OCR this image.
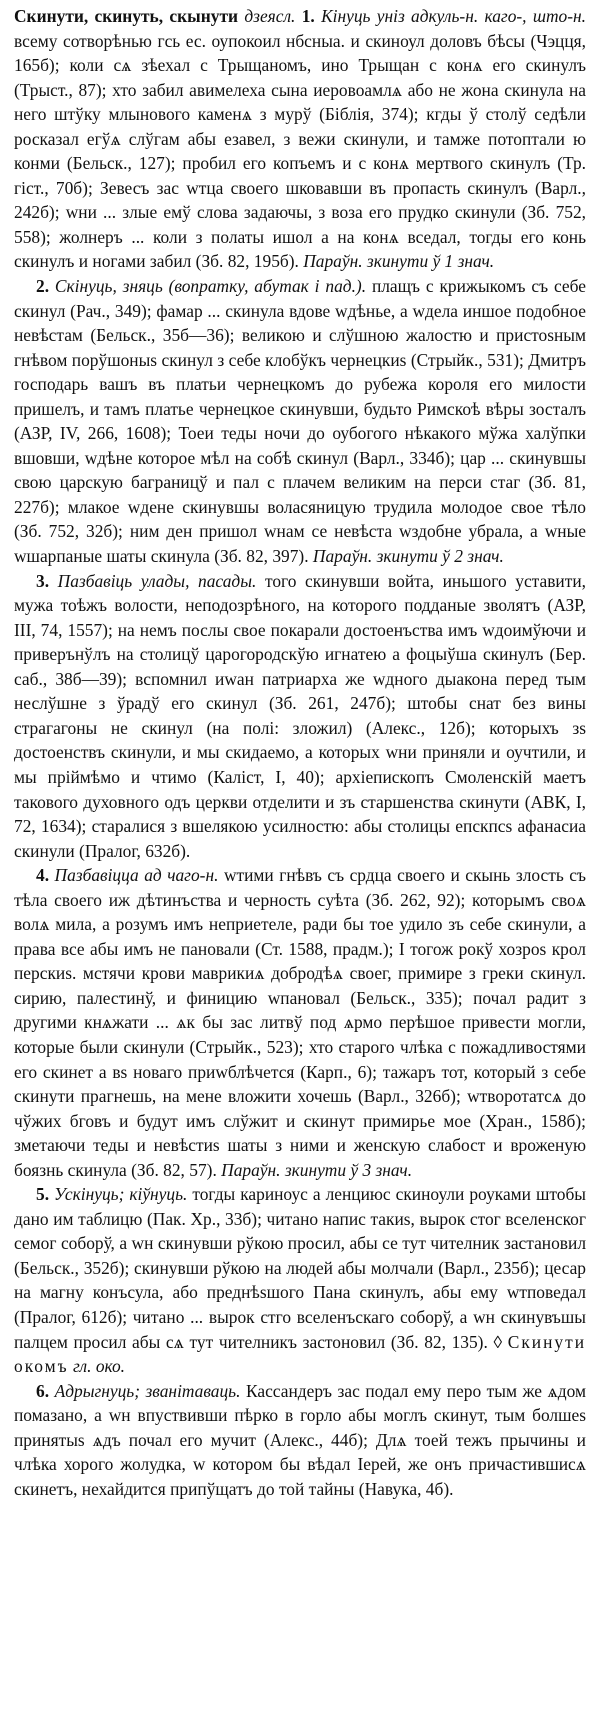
Скинути, скинуть, скынути дзеясл. 1. Кінуць уніз адкуль-н. каго-, што-н. всему сотворѣнью гсь ес. оупокоил нбсныа. и скиноул доловъ бѣсы (Чэцця, 165б); коли сѧ зѣехал с Трыщаномъ, ино Трыщан с конѧ его скинулъ (Трыст., 87); хто забил авимелеха сына иеровоамлѧ або не жона скинула на него штўку млынового каменѧ з мурў (Біблія, 374); кгды ў столў седѣли росказал егўѧ слўгам абы езавел, з вежи скинули, и тамже потоптали ю конми (Бельск., 127); пробил его копъемъ и с конѧ мертвого скинулъ (Тр. гіст., 70б); Зевесъ зас wтца своего шковавши въ пропасть скинулъ (Варл., 242б); wни ... злые емў слова задаючы, з воза его прудко скинули (Зб. 752, 558); жолнеръ ... коли з полаты ишол а на конѧ вседал, тогды его конь скинулъ и ногами забил (Зб. 82, 195б). Параўн. зкинути ў 1 знач.

2. Скінуць, зняць (вопратку, абутак і пад.). плащъ с крижыкомъ съ себе скинул (Рач., 349); фамар ... скинула вдове wдѣнье, а wдела иншое подобное невѣстам (Бельск., 35б—36); великою и слўшною жалостю и пристоsным гнѣвом порўшоныs скинул з себе клобўкъ чернецкиs (Стрыйк., 531); Дмитръ господарь вашъ въ платьи чернецкомъ до рубежа короля его милости пришелъ, и тамъ платье чернецкое скинувши, будьто Римскоѣ вѣры зосталъ (АЗР, IV, 266, 1608); Тоеи теды ночи до оубогого нѣкакого мўжа халўпки вшовши, wдѣне которое мѣл на собѣ скинул (Варл., 334б); цар ... скинувшы свою царскую баграницў и пал с плачем великим на перси стаг (Зб. 81, 227б); млакое wдене скинувшы воласяницую трудила молодое свое тѣло (Зб. 752, 32б); ним ден пришол wнам се невѣста wздобне убрала, а wные wшарпаные шаты скинула (Зб. 82, 397). Параўн. зкинути ў 2 знач.

3. Пазбавіць улады, пасады. того скинувши войта, иньшого уставити, мужа тоѣжъ волости, неподозрѣного, на которого подданые зволятъ (АЗР, III, 74, 1557); на немъ послы свое покарали достоенъства имъ wдоимўючи и приверънўлъ на столицў царогородскўю игнатею а фоцыўша скинулъ (Бер. саб., 38б—39); вспомнил иwан патриарха же wдного дыакона перед тым неслўшне з ўрадў его скинул (Зб. 261, 247б); штобы снат без вины страгагоны не скинул (на полі: зложил) (Алекс., 12б); которыхъ зs достоенствъ скинули, и мы скидаемо, а которых wни приняли и оучтили, и мы прiймѣмо и чтимо (Каліст, I, 40); архiепископъ Смоленскiй маетъ такового духовного одъ церкви отделити и зъ старшенства скинути (АВК, I, 72, 1634); старалися з вшелякою усилностю: абы столицы епскпсs афанасиа скинули (Пралог, 632б).

4. Пазбавіцца ад чаго-н. wтими гнѣвъ съ срдца своего и скынь злость съ тѣла своего иж дѣтинъства и черность сyѣта (Зб. 262, 92); которымъ своѧ волѧ мила, а розумъ имъ неприетеле, ради бы тое удило зъ себе скинули, а права все абы имъ не пановали (Ст. 1588, прадм.); I тогож рокў хозроs крол перскиs. мстячи крови маврикиѧ добродѣѧ своег, примире з греки скинул. сирию, палестинў, и финицию wпановал (Бельск., 335); почал радит з другими кнѧжати ... ѧк бы зас литвў под ѧрмо перѣшое привести могли, которые были скинули (Стрыйк., 523); хто старого члѣка с пожадливостями его скинет а вs новаго приwблѣчется (Карп., 6); тажаръ тот, который з себе скинути прагнешь, на мене вложити хочешь (Варл., 326б); wтворотатсѧ до чўжих бговъ и будут имъ слўжит и скинут примирье мое (Хран., 158б); зметаючи теды и невѣстиs шаты з ними и женскую слабост и вроженую боязнь скинула (Зб. 82, 57). Параўн. зкинути ў 3 знач.

5. Ускінуць; кіўнуць. тогды кариноус а ленциюс скиноули роуками штобы дано им таблицю (Пак. Хр., 33б); читано напис такиs, вырок стог вселенског семог соборў, а wн скинувши рўкою просил, абы се тут чителник застановил (Бельск., 352б); скинувши рўкою на людей абы молчали (Варл., 235б); цесар на магну конъсула, або преднѣsшого Пана скинулъ, абы ему wтповедал (Пралог, 612б); читано ... вырок стго вселенъскаго соборў, а wн скинувъшы палцем просил абы сѧ тут чителникъ застоновил (Зб. 82, 135). ◊ Скинути окомъ гл. око.

6. Адрыгнуць; званітаваць. Кассандеръ зас подал ему перо тым же ѧдом помазано, а wн впуствивши пѣрко в горло абы моглъ скинут, тым болшеs принятыs ѧдъ почал его мучит (Алекс., 44б); Длѧ тоей тежъ прычины и члѣка хорого жолудка, w котором бы вѣдал Iерей, же онъ причастившисѧ скинетъ, нехайдится припўщатъ до той тайны (Навука, 4б).
